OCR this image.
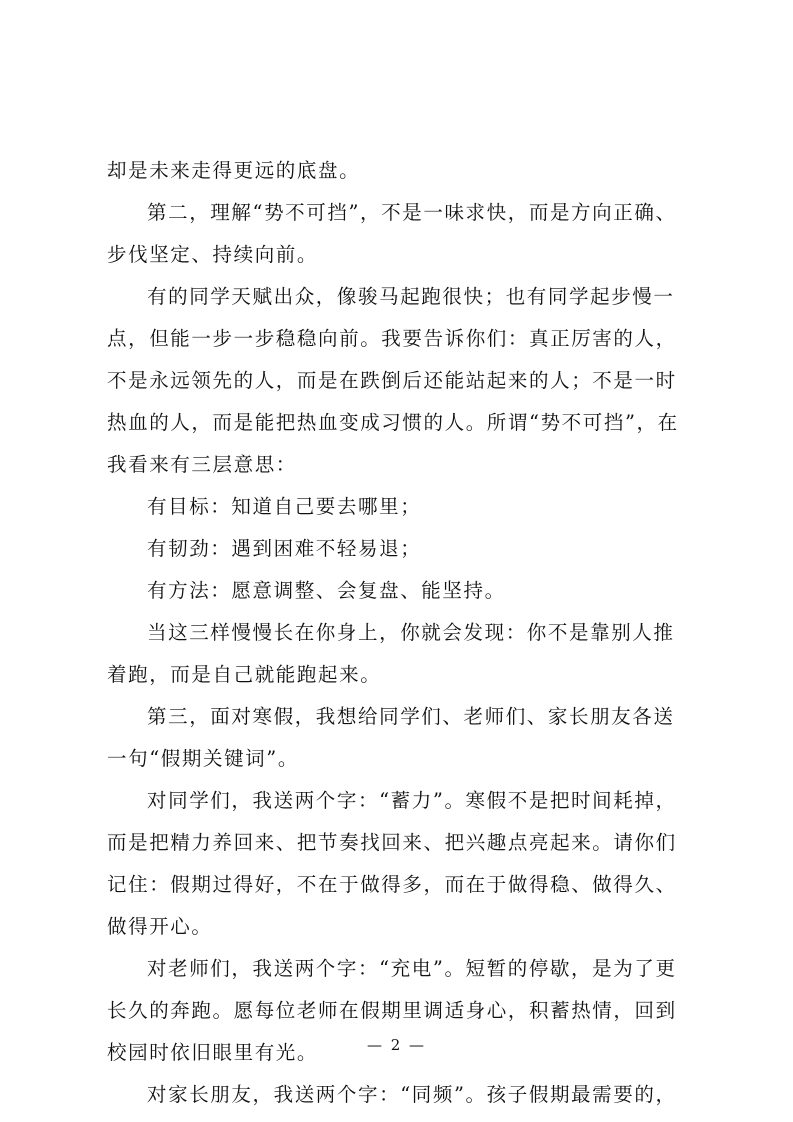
却是未来走得更远的底盘。
第二，理解“势不可挡”，不是一味求快，而是方向正确、
步伐坚定、持续向前。
有的同学天赋出众，像骏马起跑很快；也有同学起步慢一
点，但能一步一步稳稳向前。我要告诉你们：真正厉害的人，
不是永远领先的人，而是在跌倒后还能站起来的人；不是一时
热血的人，而是能把热血变成习惯的人。所谓“势不可挡”，在
我看来有三层意思：
有目标：知道自己要去哪里；
有韧劲：遇到困难不轻易退；
有方法：愿意调整、会复盘、能坚持。
当这三样慢慢长在你身上，你就会发现：你不是靠别人推
着跑，而是自己就能跑起来。
第三，面对寒假，我想给同学们、老师们、家长朋友各送
一句“假期关键词”。
对同学们，我送两个字：“蓄力”。寒假不是把时间耗掉，
而是把精力养回来、把节奏找回来、把兴趣点亮起来。请你们
记住：假期过得好，不在于做得多，而在于做得稳、做得久、
做得开心。
对老师们，我送两个字：“充电”。短暂的停歇，是为了更
长久的奔跑。愿每位老师在假期里调适身心，积蓄热情，回到
校园时依旧眼里有光。
对家长朋友，我送两个字：“同频”。孩子假期最需要的，
— 2 —
